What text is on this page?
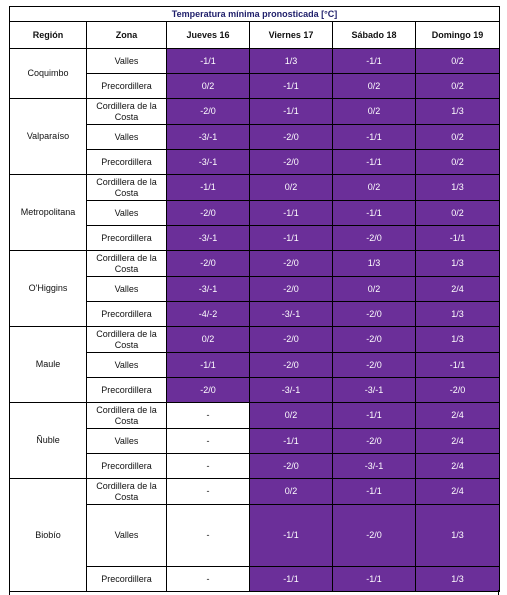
Temperatura mínima pronosticada [°C]					
Región	Zona	Jueves 16	Viernes 17	Sábado 18	Domingo 19
Coquimbo	Valles	-1/1	1/3	-1/1	0/2
	Precordillera	0/2	-1/1	0/2	0/2
Valparaíso	Cordillera de la Costa	-2/0	-1/1	0/2	1/3
	Valles	-3/-1	-2/0	-1/1	0/2
	Precordillera	-3/-1	-2/0	-1/1	0/2
Metropolitana	Cordillera de la Costa	-1/1	0/2	0/2	1/3
	Valles	-2/0	-1/1	-1/1	0/2
	Precordillera	-3/-1	-1/1	-2/0	-1/1
O'Higgins	Cordillera de la Costa	-2/0	-2/0	1/3	1/3
	Valles	-3/-1	-2/0	0/2	2/4
	Precordillera	-4/-2	-3/-1	-2/0	1/3
Maule	Cordillera de la Costa	0/2	-2/0	-2/0	1/3
	Valles	-1/1	-2/0	-2/0	-1/1
	Precordillera	-2/0	-3/-1	-3/-1	-2/0
Ñuble	Cordillera de la Costa	-	0/2	-1/1	2/4
	Valles	-	-1/1	-2/0	2/4
	Precordillera	-	-2/0	-3/-1	2/4
Biobío	Cordillera de la Costa	-	0/2	-1/1	2/4
	Valles	-	-1/1	-2/0	1/3
	Precordillera	-	-1/1	-1/1	1/3
